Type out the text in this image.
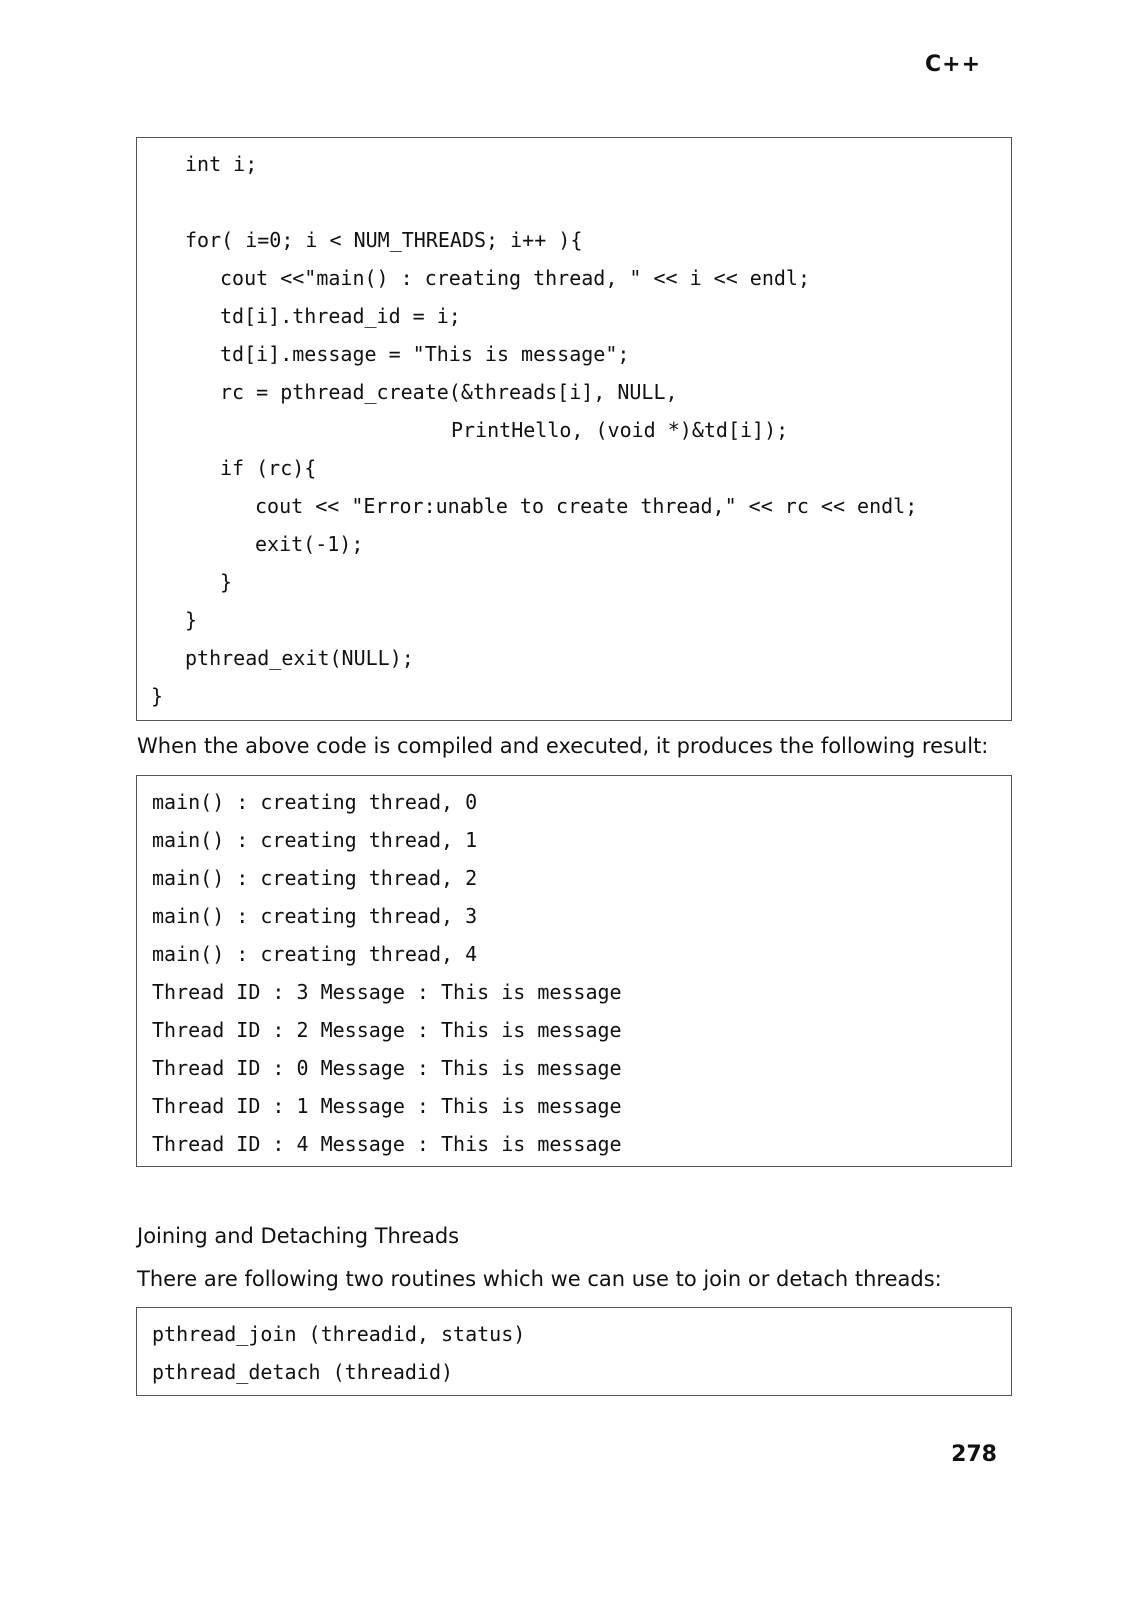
C++
int i;
for( i=0; i < NUM_THREADS; i++ ){
cout <<"main() : creating thread, " << i << endl;
td[i].thread_id = i;
td[i].message = "This is message";
rc = pthread_create(&threads[i], NULL,
PrintHello, (void *)&td[i]);
if (rc){
cout << "Error:unable to create thread," << rc << endl;
exit(-1);
}
}
pthread_exit(NULL);
}
When the above code is compiled and executed, it produces the following result:
main() : creating thread, 0
main() : creating thread, 1
main() : creating thread, 2
main() : creating thread, 3
main() : creating thread, 4
Thread ID : 3 Message : This is message
Thread ID : 2 Message : This is message
Thread ID : 0 Message : This is message
Thread ID : 1 Message : This is message
Thread ID : 4 Message : This is message
Joining and Detaching Threads
There are following two routines which we can use to join or detach threads:
pthread_join (threadid, status)
pthread_detach (threadid)
278
